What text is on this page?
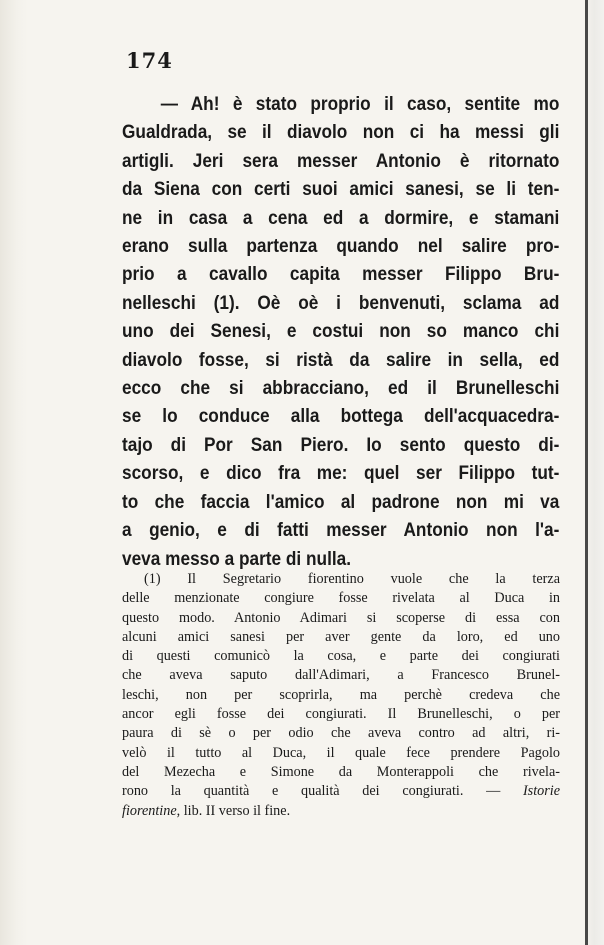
174
— Ah! è stato proprio il caso, sentite mo
Gualdrada, se il diavolo non ci ha messi gli
artigli. Jeri sera messer Antonio è ritornato
da Siena con certi suoi amici sanesi, se li ten-
ne in casa a cena ed a dormire, e stamani
erano sulla partenza quando nel salire pro-
prio a cavallo capita messer Filippo Bru-
nelleschi (1). Oè oè i benvenuti, sclama ad
uno dei Senesi, e costui non so manco chi
diavolo fosse, si ristà da salire in sella, ed
ecco che si abbracciano, ed il Brunelleschi
se lo conduce alla bottega dell'acquacedra-
tajo di Por San Piero. Io sento questo di-
scorso, e dico fra me: quel ser Filippo tut-
to che faccia l'amico al padrone non mi va
a genio, e di fatti messer Antonio non l'a-
veva messo a parte di nulla.
(1) Il Segretario fiorentino vuole che la terza
delle menzionate congiure fosse rivelata al Duca in
questo modo. Antonio Adimari si scoperse di essa con
alcuni amici sanesi per aver gente da loro, ed uno
di questi comunicò la cosa, e parte dei congiurati
che aveva saputo dall'Adimari, a Francesco Brunel-
leschi, non per scoprirla, ma perchè credeva che
ancor egli fosse dei congiurati. Il Brunelleschi, o per
paura di sè o per odio che aveva contro ad altri, ri-
velò il tutto al Duca, il quale fece prendere Pagolo
del Mezecha e Simone da Monterappoli che rivela-
rono la quantità e qualità dei congiurati. — Istorie
fiorentine, lib. II verso il fine.
